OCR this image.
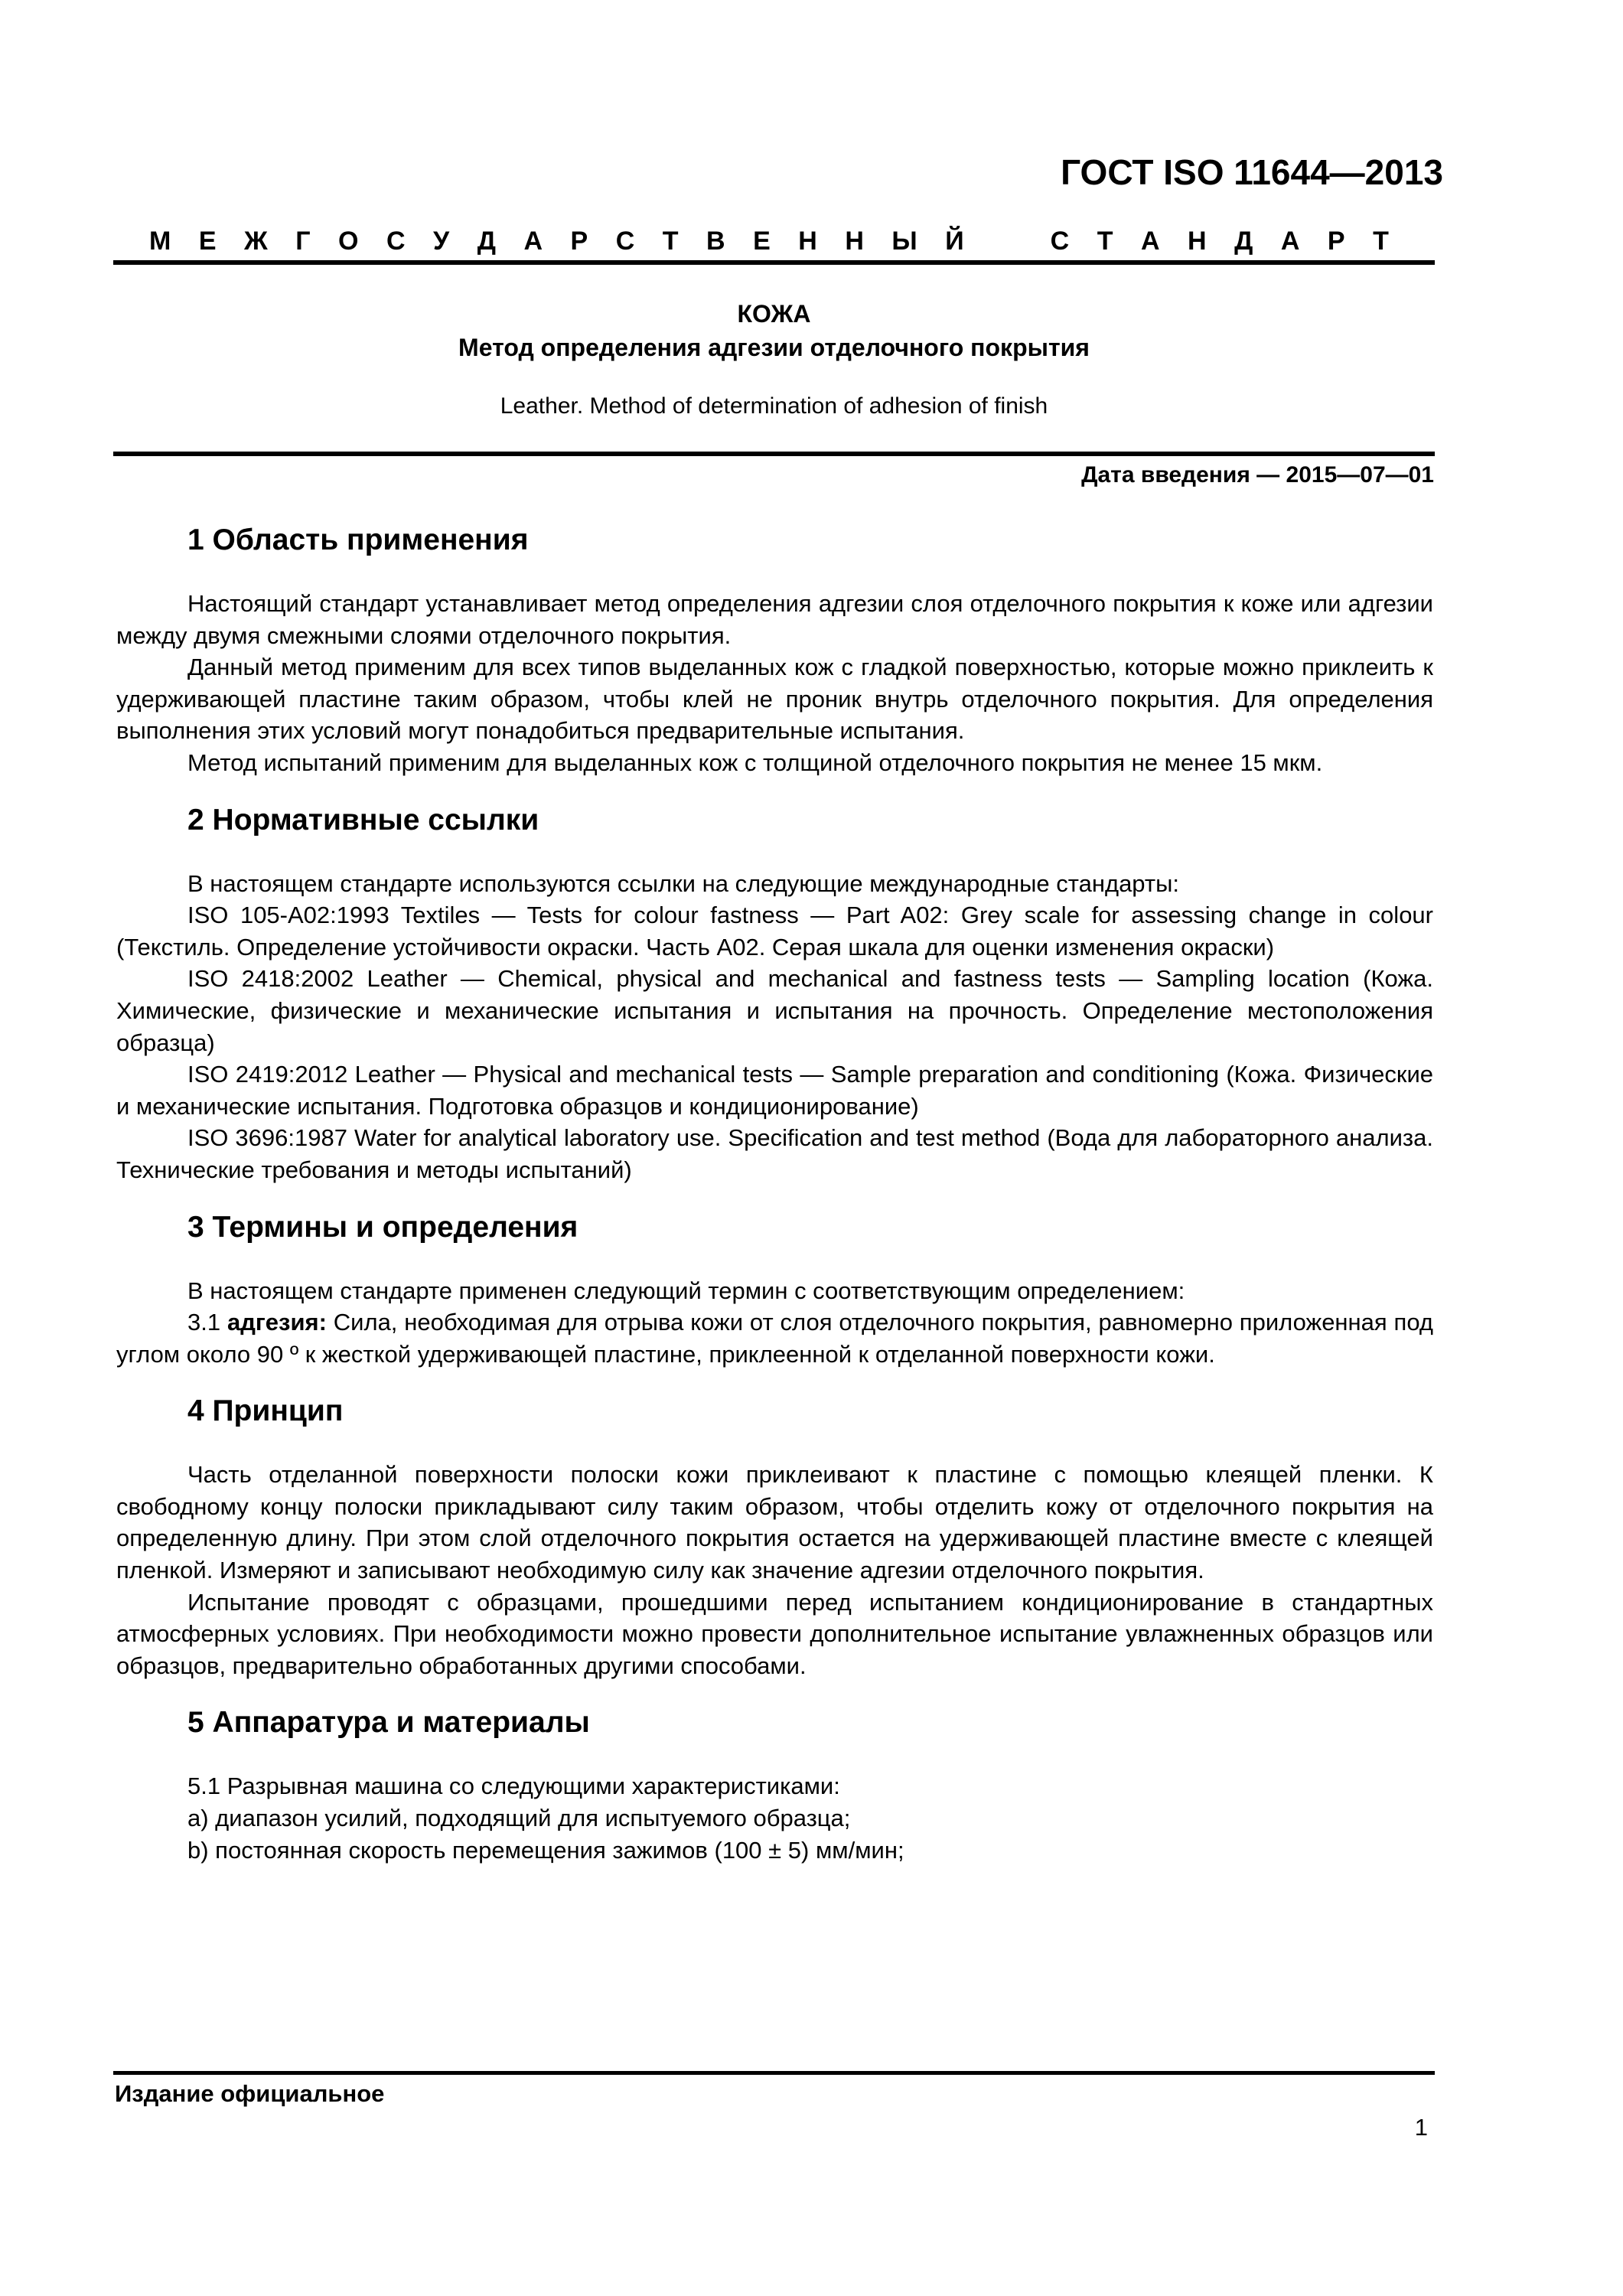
ГОСТ ISO 11644—2013
М Е Ж Г О С У Д А Р С Т В Е Н Н Ы Й	С Т А Н Д А Р Т
КОЖА
Метод определения адгезии отделочного покрытия
Leather. Method of determination of adhesion of finish
Дата введения — 2015—07—01
1 Область применения

Настоящий стандарт устанавливает метод определения адгезии слоя отделочного покрытия к коже или адгезии между двумя смежными слоями отделочного покрытия.

Данный метод применим для всех типов выделанных кож с гладкой поверхностью, которые можно приклеить к удерживающей пластине таким образом, чтобы клей не проник внутрь отделочного покрытия. Для определения выполнения этих условий могут понадобиться предварительные испытания.

Метод испытаний применим для выделанных кож с толщиной отделочного покрытия не менее 15 мкм.

2 Нормативные ссылки

В настоящем стандарте используются ссылки на следующие международные стандарты:

ISO 105-A02:1993 Textiles — Tests for colour fastness — Part A02: Grey scale for assessing change in colour (Текстиль. Определение устойчивости окраски. Часть A02. Серая шкала для оценки изменения окраски)

ISO 2418:2002 Leather — Chemical, physical and mechanical and fastness tests — Sampling location (Кожа. Химические, физические и механические испытания и испытания на прочность. Определение местоположения образца)

ISO 2419:2012 Leather — Physical and mechanical tests — Sample preparation and conditioning (Кожа. Физические и механические испытания. Подготовка образцов и кондиционирование)

ISO 3696:1987 Water for analytical laboratory use. Specification and test method (Вода для лабораторного анализа. Технические требования и методы испытаний)

3 Термины и определения

В настоящем стандарте применен следующий термин с соответствующим определением:

3.1 адгезия: Сила, необходимая для отрыва кожи от слоя отделочного покрытия, равномерно приложенная под углом около 90 º к жесткой удерживающей пластине, приклеенной к отделанной поверхности кожи.

4 Принцип

Часть отделанной поверхности полоски кожи приклеивают к пластине с помощью клеящей пленки. К свободному концу полоски прикладывают силу таким образом, чтобы отделить кожу от отделочного покрытия на определенную длину. При этом слой отделочного покрытия остается на удерживающей пластине вместе с клеящей пленкой. Измеряют и записывают необходимую силу как значение адгезии отделочного покрытия.

Испытание проводят с образцами, прошедшими перед испытанием кондиционирование в стандартных атмосферных условиях. При необходимости можно провести дополнительное испытание увлажненных образцов или образцов, предварительно обработанных другими способами.

5 Аппаратура и материалы

5.1 Разрывная машина со следующими характеристиками:

a) диапазон усилий, подходящий для испытуемого образца;

b) постоянная скорость перемещения зажимов (100 ± 5) мм/мин;

Издание официальное
1
